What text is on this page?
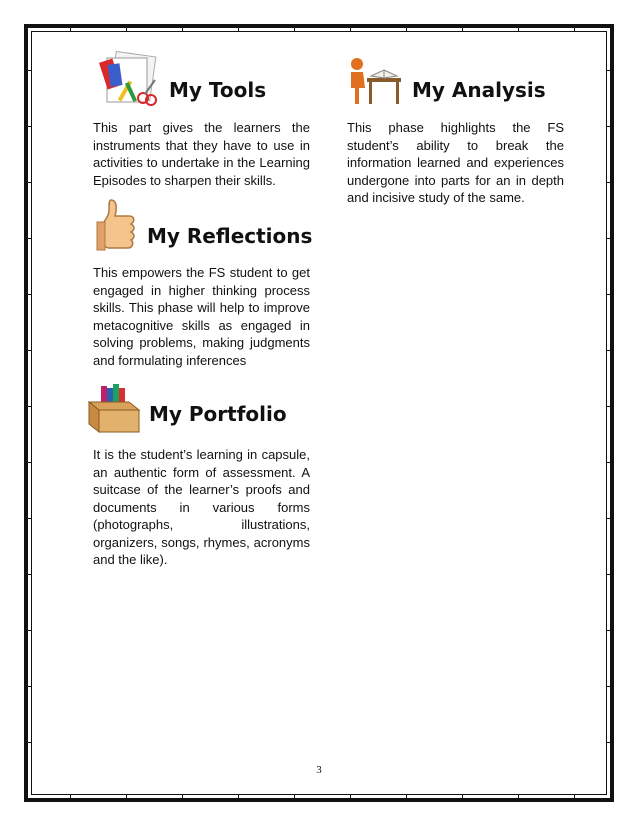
My Tools

This part gives the learners the instruments that they have to use in activities to undertake in the Learning Episodes to sharpen their skills.

My Analysis

This phase highlights the FS student’s ability to break the information learned and experiences undergone into parts for an in depth and incisive study of the same.

My Reflections

This empowers the FS student to get engaged in higher thinking process skills. This phase will help to improve metacognitive skills as engaged in solving problems, making judgments and formulating inferences

My Portfolio

It is the student’s learning in capsule, an authentic form of assessment. A suitcase of the learner’s proofs and documents in various forms (photographs, illustrations, organizers, songs, rhymes, acronyms and the like).

3
